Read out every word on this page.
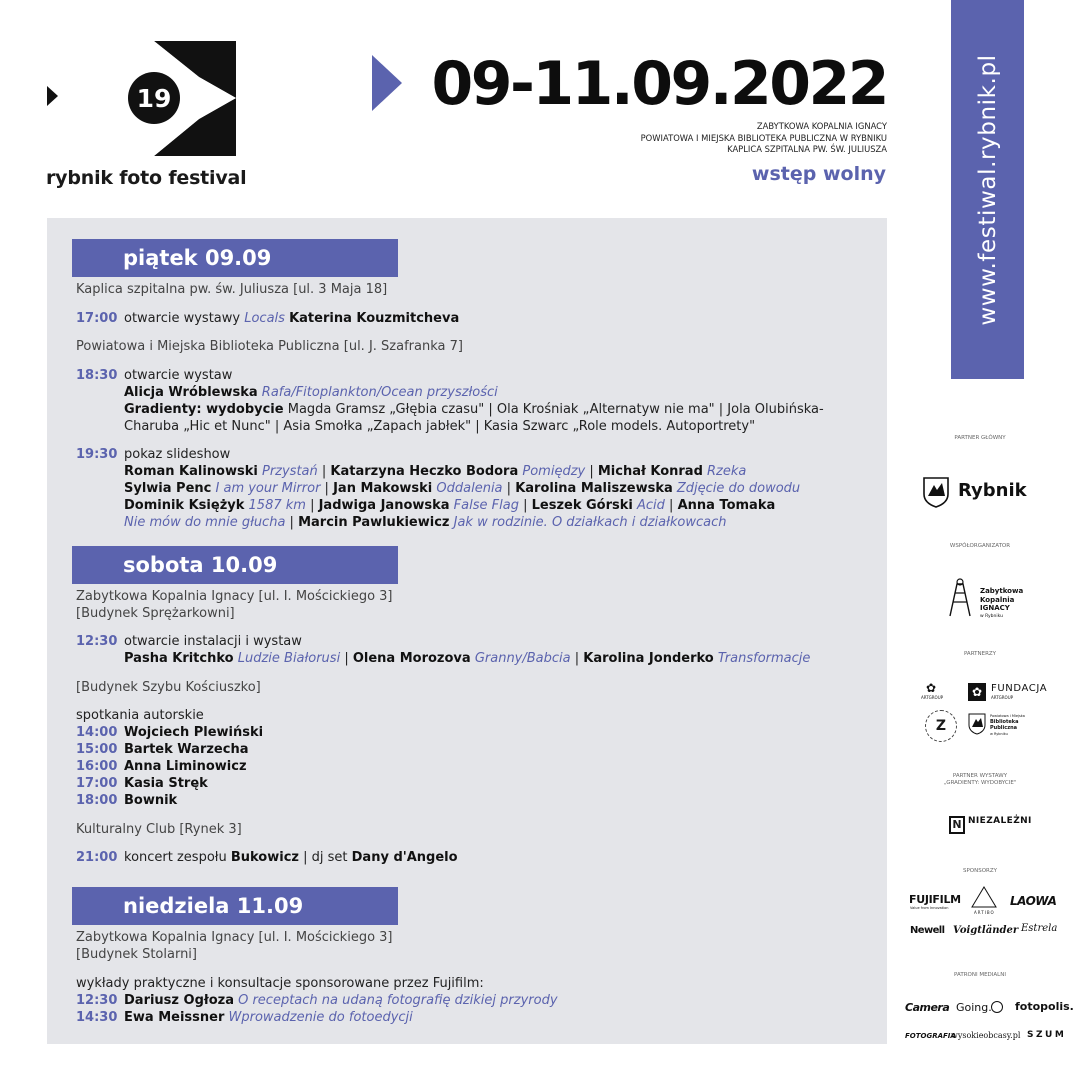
19
rybnik foto festival
09-11.09.2022
ZABYTKOWA KOPALNIA IGNACY
POWIATOWA I MIEJSKA BIBLIOTEKA PUBLICZNA W RYBNIKU
KAPLICA SZPITALNA PW. ŚW. JULIUSZA
wstęp wolny	www.festiwal.rybnik.pl
piątek 09.09
Kaplica szpitalna pw. św. Juliusza [ul. 3 Maja 18]
17:00 otwarcie wystawy Locals Katerina Kouzmitcheva
Powiatowa i Miejska Biblioteka Publiczna [ul. J. Szafranka 7]
18:30 otwarcie wystaw
Alicja Wróblewska Rafa/Fitoplankton/Ocean przyszłości
Gradienty: wydobycie Magda Gramsz „Głębia czasu" | Ola Krośniak „Alternatyw nie ma" | Jola Olubińska-
Charuba „Hic et Nunc" | Asia Smołka „Zapach jabłek" | Kasia Szwarc „Role models. Autoportrety"
19:30 pokaz slideshow
Roman Kalinowski Przystań | Katarzyna Heczko Bodora Pomiędzy | Michał Konrad Rzeka
Sylwia Penc I am your Mirror | Jan Makowski Oddalenia | Karolina Maliszewska Zdjęcie do dowodu
Dominik Księżyk 1587 km | Jadwiga Janowska False Flag | Leszek Górski Acid | Anna Tomaka
Nie mów do mnie głucha | Marcin Pawlukiewicz Jak w rodzinie. O działkach i działkowcach
sobota 10.09
Zabytkowa Kopalnia Ignacy [ul. I. Mościckiego 3]
[Budynek Sprężarkowni]
12:30 otwarcie instalacji i wystaw
Pasha Kritchko Ludzie Białorusi | Olena Morozova Granny/Babcia | Karolina Jonderko Transformacje
[Budynek Szybu Kościuszko]
spotkania autorskie
14:00 Wojciech Plewiński
15:00 Bartek Warzecha
16:00 Anna Liminowicz
17:00 Kasia Stręk
18:00 Bownik
Kulturalny Club [Rynek 3]
21:00 koncert zespołu Bukowicz | dj set Dany d'Angelo
niedziela 11.09
Zabytkowa Kopalnia Ignacy [ul. I. Mościckiego 3]
[Budynek Stolarni]
wykłady praktyczne i konsultacje sponsorowane przez Fujifilm:
12:30 Dariusz Ogłoza O receptach na udaną fotografię dzikiej przyrody
14:30 Ewa Meissner Wprowadzenie do fotoedycji
PARTNER GŁÓWNY
Rybnik
WSPÓŁORGANIZATOR
Zabytkowa
Kopalnia
IGNACY
w Rybniku
PARTNERZY
✿
ARTGROUP	✿ FUNDACJA
ARTGROUP
Z
Powiatowa i Miejska
Biblioteka
Publiczna
w Rybniku
PARTNER WYSTAWY
„GRADIENTY: WYDOBYCIE"
N NIEZALEŻNI
SPONSORZY
FUJIFILM
Value from Innovation
ARTIBO
LAOWA
Newell Voigtländer Estrela
PATRONI MEDIALNI
Camera Going. fotopolis.
FOTOGRAFIA
wysokieobcasy.pl SZUM
